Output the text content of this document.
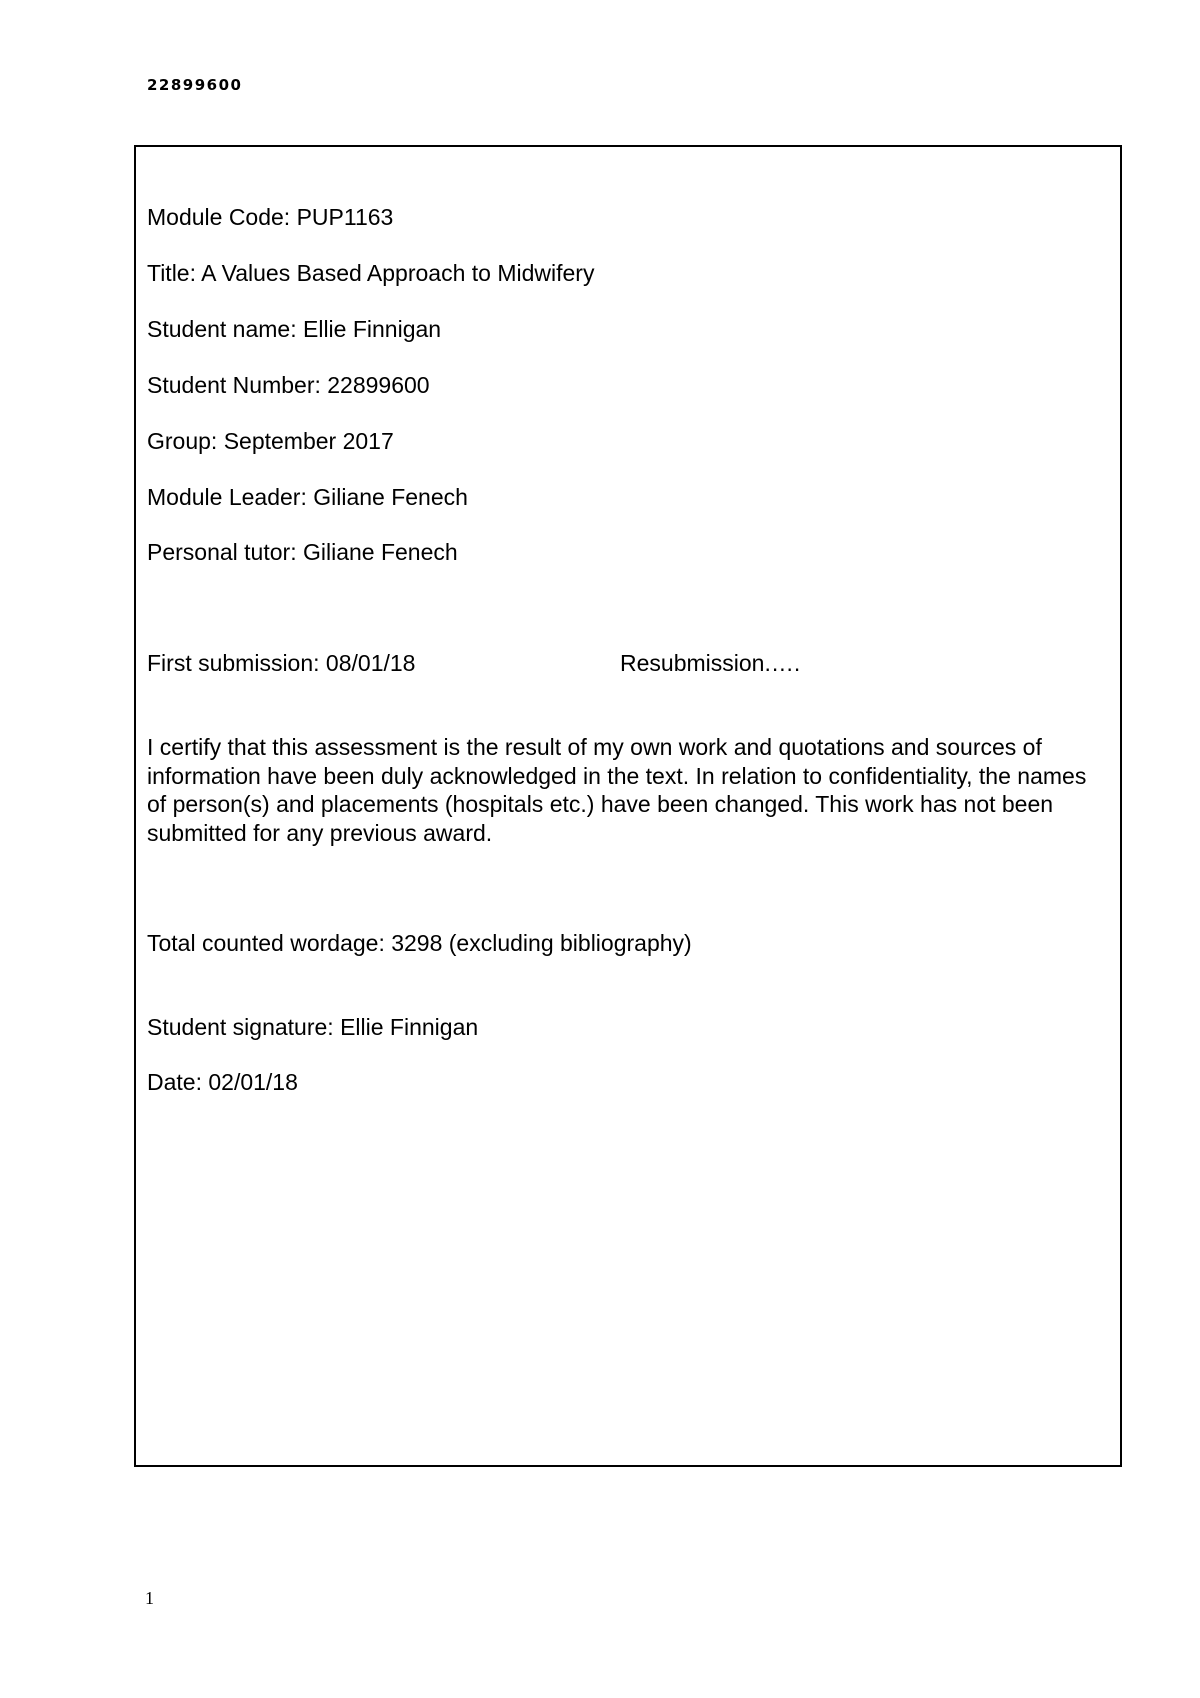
22899600
Module Code: PUP1163
Title: A Values Based Approach to Midwifery
Student name: Ellie Finnigan
Student Number: 22899600
Group: September 2017
Module Leader: Giliane Fenech
Personal tutor: Giliane Fenech
First submission: 08/01/18	Resubmission.….
I certify that this assessment is the result of my own work and quotations and sources of information have been duly acknowledged in the text. In relation to confidentiality, the names of person(s) and placements (hospitals etc.) have been changed. This work has not been submitted for any previous award.
Total counted wordage: 3298 (excluding bibliography)
Student signature: Ellie Finnigan
Date: 02/01/18
1
